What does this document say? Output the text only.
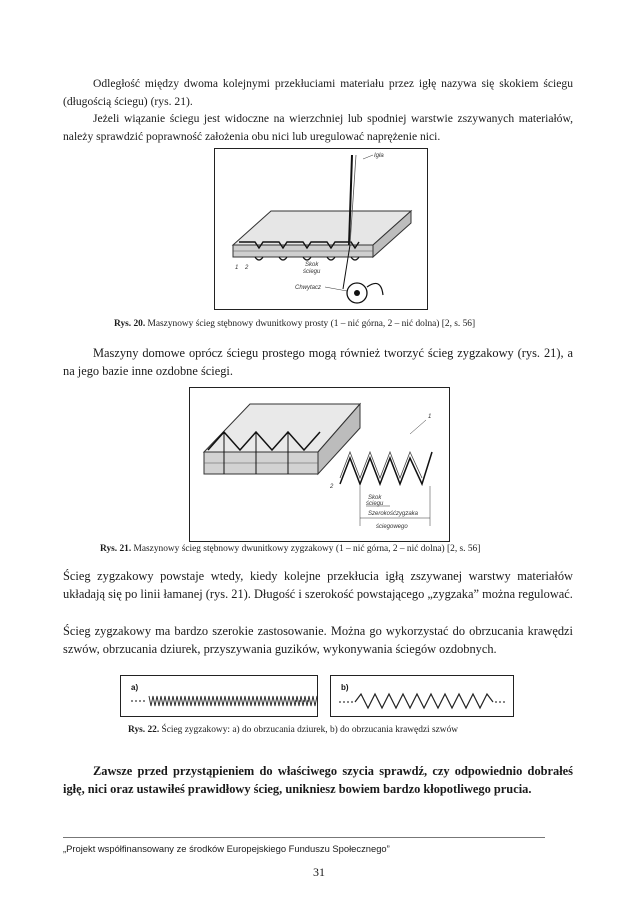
Odległość między dwoma kolejnymi przekłuciami materiału przez igłę nazywa się skokiem ściegu (długością ściegu) (rys. 21).
Jeżeli wiązanie ściegu jest widoczne na wierzchniej lub spodniej warstwie zszywanych materiałów, należy sprawdzić poprawność założenia obu nici lub uregulować naprężenie nici.
Igła
Chwytacz
1 2	Skok
ściegu
Rys. 20. Maszynowy ścieg stębnowy dwunitkowy prosty (1 – nić górna, 2 – nić dolna) [2, s. 56]
Maszyny domowe oprócz ściegu prostego mogą również tworzyć ścieg zygzakowy (rys. 21), a na jego bazie inne ozdobne ściegi.
1
2
Skok
ściegu
Szerokość zygzaka
ściegowego
Rys. 21. Maszynowy ścieg stębnowy dwunitkowy zygzakowy (1 – nić górna, 2 – nić dolna) [2, s. 56]
Ścieg zygzakowy powstaje wtedy, kiedy kolejne przekłucia igłą zszywanej warstwy materiałów układają się po linii łamanej (rys. 21). Długość i szerokość powstającego „zygzaka” można regulować.
Ścieg zygzakowy ma bardzo szerokie zastosowanie. Można go wykorzystać do obrzucania krawędzi szwów, obrzucania dziurek, przyszywania guzików, wykonywania ściegów ozdobnych.
a)	b)
Rys. 22. Ścieg zygzakowy: a) do obrzucania dziurek, b) do obrzucania krawędzi szwów
Zawsze przed przystąpieniem do właściwego szycia sprawdź, czy odpowiednio dobrałeś igłę, nici oraz ustawiłeś prawidłowy ścieg, unikniesz bowiem bardzo kłopotliwego prucia.
„Projekt współfinansowany ze środków Europejskiego Funduszu Społecznego”
31
